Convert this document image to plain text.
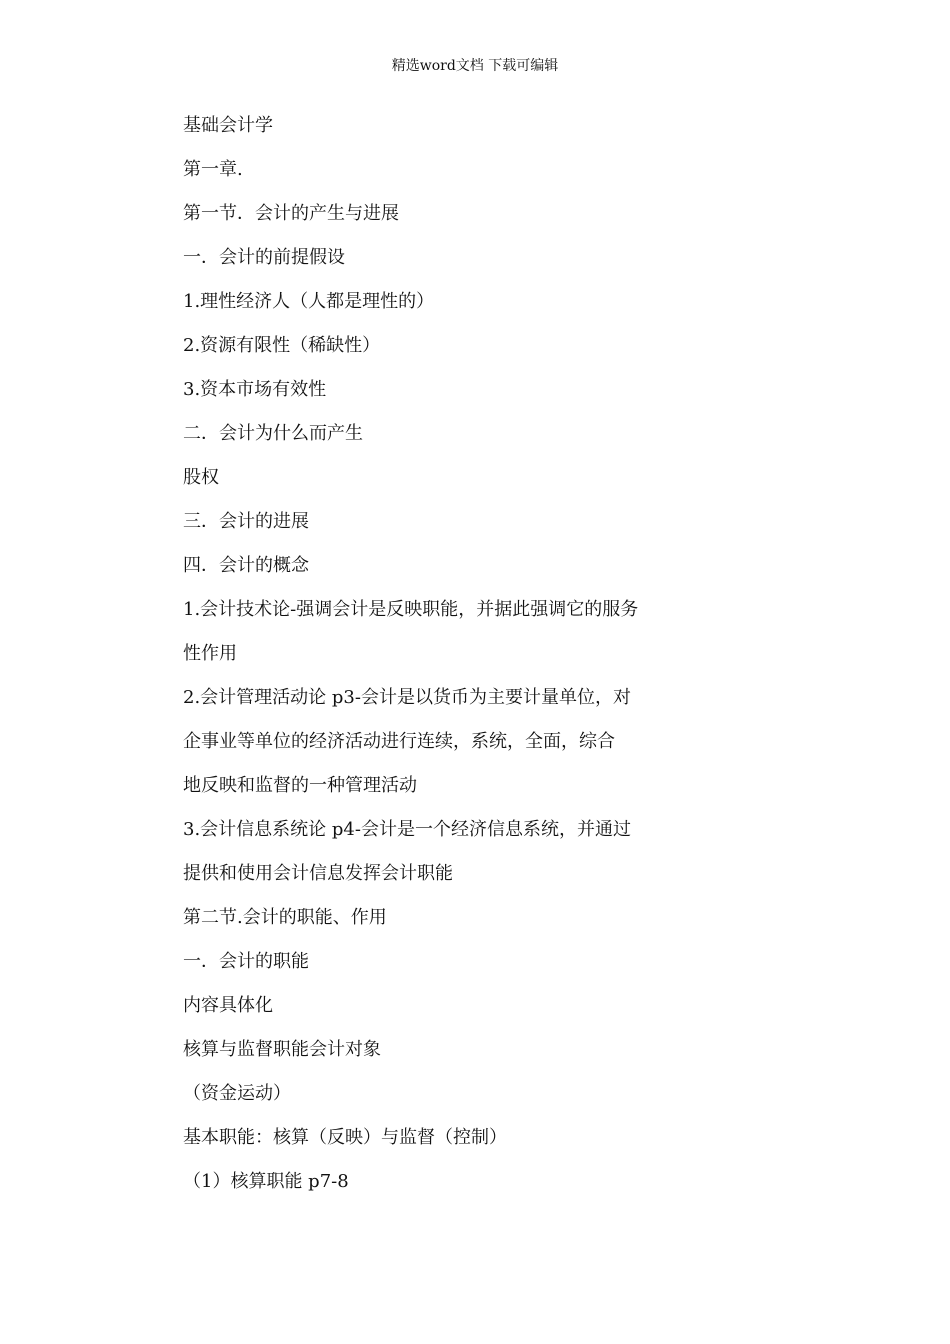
精选word文档 下载可编辑
基础会计学
第一章.
第一节．会计的产生与进展
一．会计的前提假设
1.理性经济人（人都是理性的）
2.资源有限性（稀缺性）
3.资本市场有效性
二．会计为什么而产生
股权
三．会计的进展
四．会计的概念
1.会计技术论-强调会计是反映职能，并据此强调它的服务
性作用
2.会计管理活动论 p3-会计是以货币为主要计量单位，对
企事业等单位的经济活动进行连续，系统，全面，综合
地反映和监督的一种管理活动
3.会计信息系统论 p4-会计是一个经济信息系统，并通过
提供和使用会计信息发挥会计职能
第二节.会计的职能、作用
一．会计的职能
内容具体化
核算与监督职能会计对象
（资金运动）
基本职能：核算（反映）与监督（控制）
（1）核算职能 p7-8
